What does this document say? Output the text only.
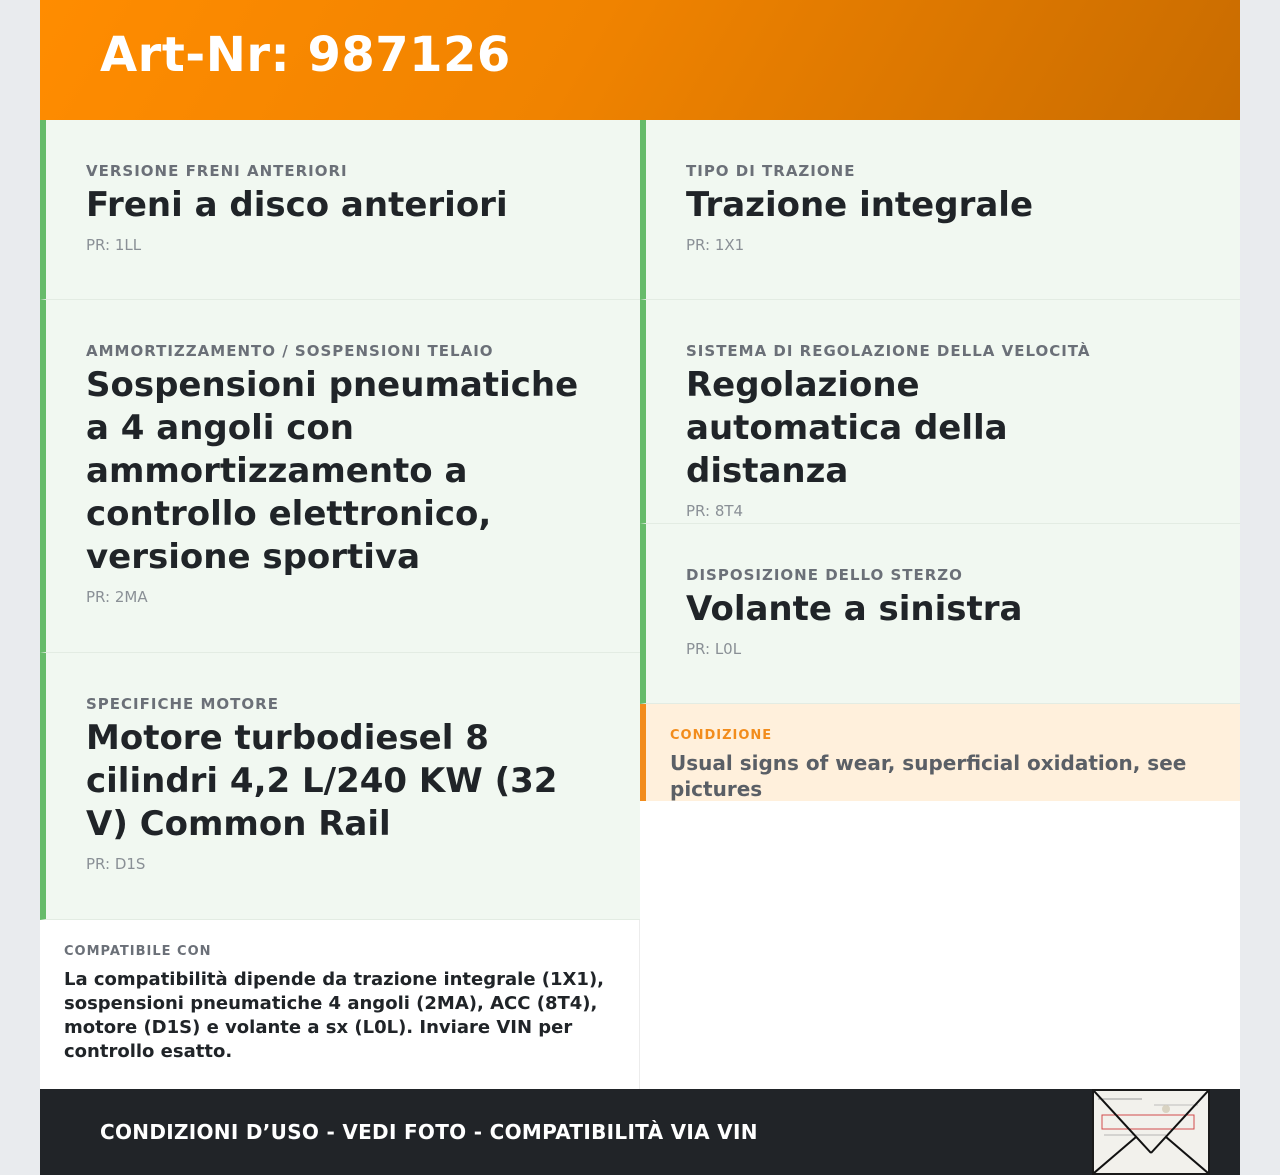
Art-Nr: 987126

VERSIONE FRENI ANTERIORI

Freni a disco anteriori

PR: 1LL

AMMORTIZZAMENTO / SOSPENSIONI TELAIO

Sospensioni pneumatiche a 4 angoli con ammortizzamento a controllo elettronico, versione sportiva

PR: 2MA

SPECIFICHE MOTORE

Motore turbodiesel 8 cilindri 4,2 L/240 KW (32 V) Common Rail

PR: D1S

TIPO DI TRAZIONE

Trazione integrale

PR: 1X1

SISTEMA DI REGOLAZIONE DELLA VELOCITÀ

Regolazione automatica della distanza

PR: 8T4

DISPOSIZIONE DELLO STERZO

Volante a sinistra

PR: L0L

CONDIZIONE

Usual signs of wear, superficial oxidation, see pictures

COMPATIBILE CON

La compatibilità dipende da trazione integrale (1X1), sospensioni pneumatiche 4 angoli (2MA), ACC (8T4), motore (D1S) e volante a sx (L0L). Inviare VIN per controllo esatto.

CONDIZIONI D’USO - VEDI FOTO - COMPATIBILITÀ VIA VIN
